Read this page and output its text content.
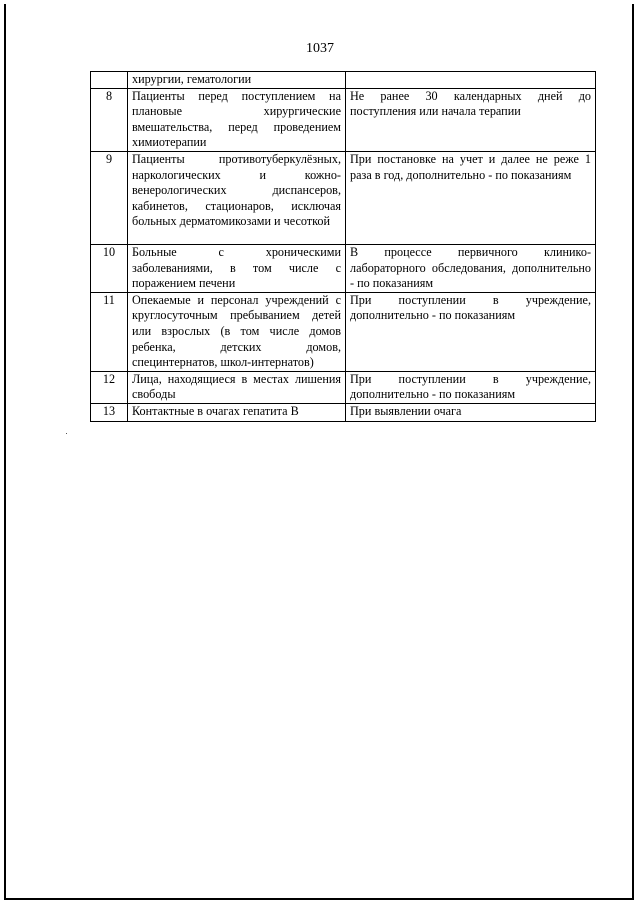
1037
	хирургии, гематологии	
8	Пациенты перед поступлением на плановые хирургические вмешательства, перед проведением химиотерапии	Не ранее 30 календарных дней до поступления или начала терапии
9	Пациенты противотуберкулёзных, наркологических и кожно-венерологических диспансеров, кабинетов, стационаров, исключая больных дерматомикозами и чесоткой	При постановке на учет и далее не реже 1 раза в год, дополнительно - по показаниям
10	Больные с хроническими заболеваниями, в том числе с поражением печени	В процессе первичного клинико-лабораторного обследования, дополнительно - по показаниям
11	Опекаемые и персонал учреждений с круглосуточным пребыванием детей или взрослых (в том числе домов ребенка, детских домов, специнтернатов, школ-интернатов)	При поступлении в учреждение, дополнительно - по показаниям
12	Лица, находящиеся в местах лишения свободы	При поступлении в учреждение, дополнительно - по показаниям
13	Контактные в очагах гепатита В	При выявлении очага
